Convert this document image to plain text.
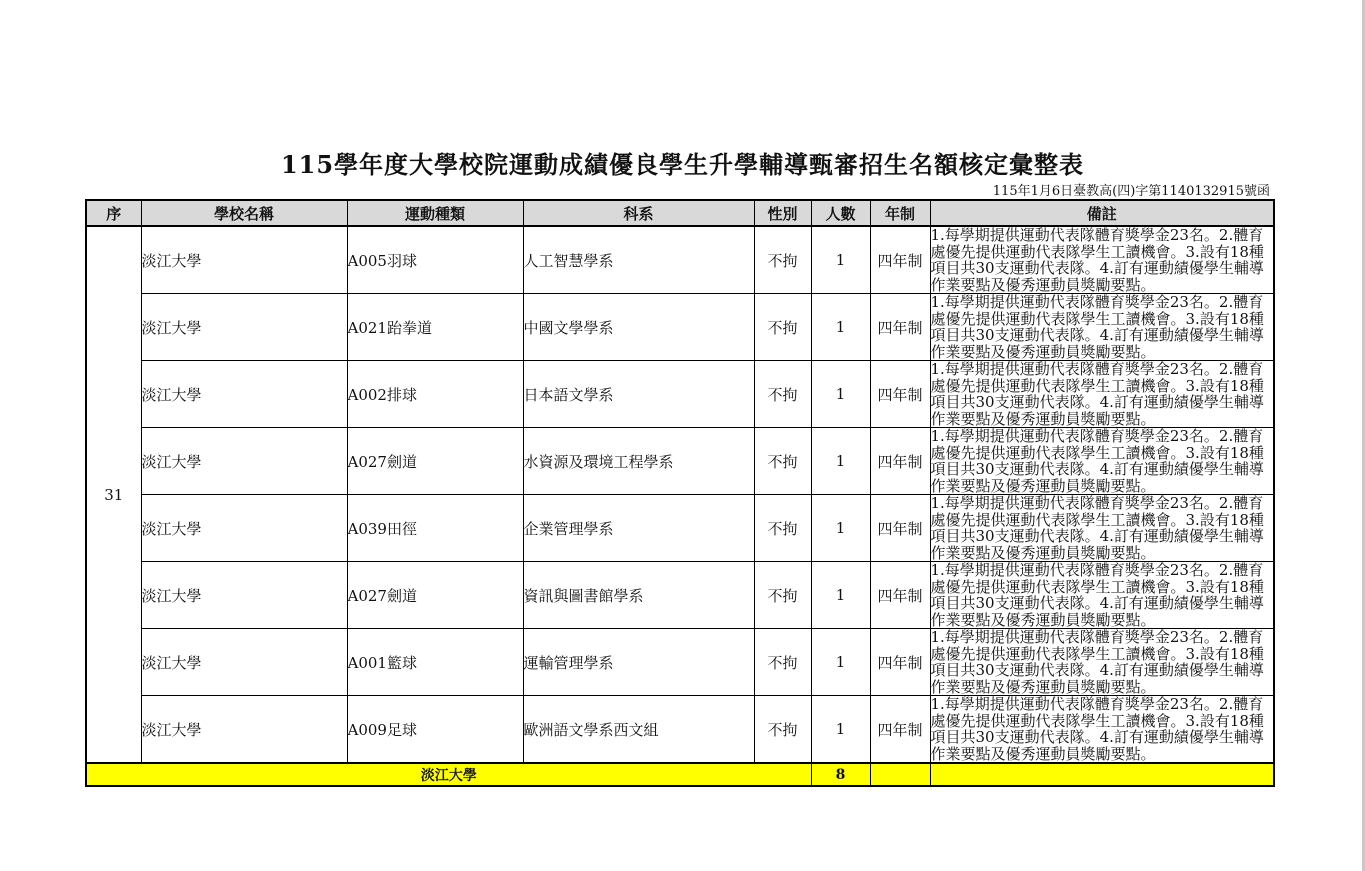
115學年度大學校院運動成績優良學生升學輔導甄審招生名額核定彙整表
115年1月6日臺教高(四)字第1140132915號函
序	學校名稱	運動種類	科系	性別	人數	年制	備註
31	淡江大學	A005羽球	人工智慧學系	不拘	1	四年制	1.每學期提供運動代表隊體育獎學金23名。2.體育處優先提供運動代表隊學生工讀機會。3.設有18種項目共30支運動代表隊。4.訂有運動績優學生輔導作業要點及優秀運動員獎勵要點。
	淡江大學	A021跆拳道	中國文學學系	不拘	1	四年制	1.每學期提供運動代表隊體育獎學金23名。2.體育處優先提供運動代表隊學生工讀機會。3.設有18種項目共30支運動代表隊。4.訂有運動績優學生輔導作業要點及優秀運動員獎勵要點。
	淡江大學	A002排球	日本語文學系	不拘	1	四年制	1.每學期提供運動代表隊體育獎學金23名。2.體育處優先提供運動代表隊學生工讀機會。3.設有18種項目共30支運動代表隊。4.訂有運動績優學生輔導作業要點及優秀運動員獎勵要點。
	淡江大學	A027劍道	水資源及環境工程學系	不拘	1	四年制	1.每學期提供運動代表隊體育獎學金23名。2.體育處優先提供運動代表隊學生工讀機會。3.設有18種項目共30支運動代表隊。4.訂有運動績優學生輔導作業要點及優秀運動員獎勵要點。
	淡江大學	A039田徑	企業管理學系	不拘	1	四年制	1.每學期提供運動代表隊體育獎學金23名。2.體育處優先提供運動代表隊學生工讀機會。3.設有18種項目共30支運動代表隊。4.訂有運動績優學生輔導作業要點及優秀運動員獎勵要點。
	淡江大學	A027劍道	資訊與圖書館學系	不拘	1	四年制	1.每學期提供運動代表隊體育獎學金23名。2.體育處優先提供運動代表隊學生工讀機會。3.設有18種項目共30支運動代表隊。4.訂有運動績優學生輔導作業要點及優秀運動員獎勵要點。
	淡江大學	A001籃球	運輸管理學系	不拘	1	四年制	1.每學期提供運動代表隊體育獎學金23名。2.體育處優先提供運動代表隊學生工讀機會。3.設有18種項目共30支運動代表隊。4.訂有運動績優學生輔導作業要點及優秀運動員獎勵要點。
	淡江大學	A009足球	歐洲語文學系西文組	不拘	1	四年制	1.每學期提供運動代表隊體育獎學金23名。2.體育處優先提供運動代表隊學生工讀機會。3.設有18種項目共30支運動代表隊。4.訂有運動績優學生輔導作業要點及優秀運動員獎勵要點。
淡江大學					8		
